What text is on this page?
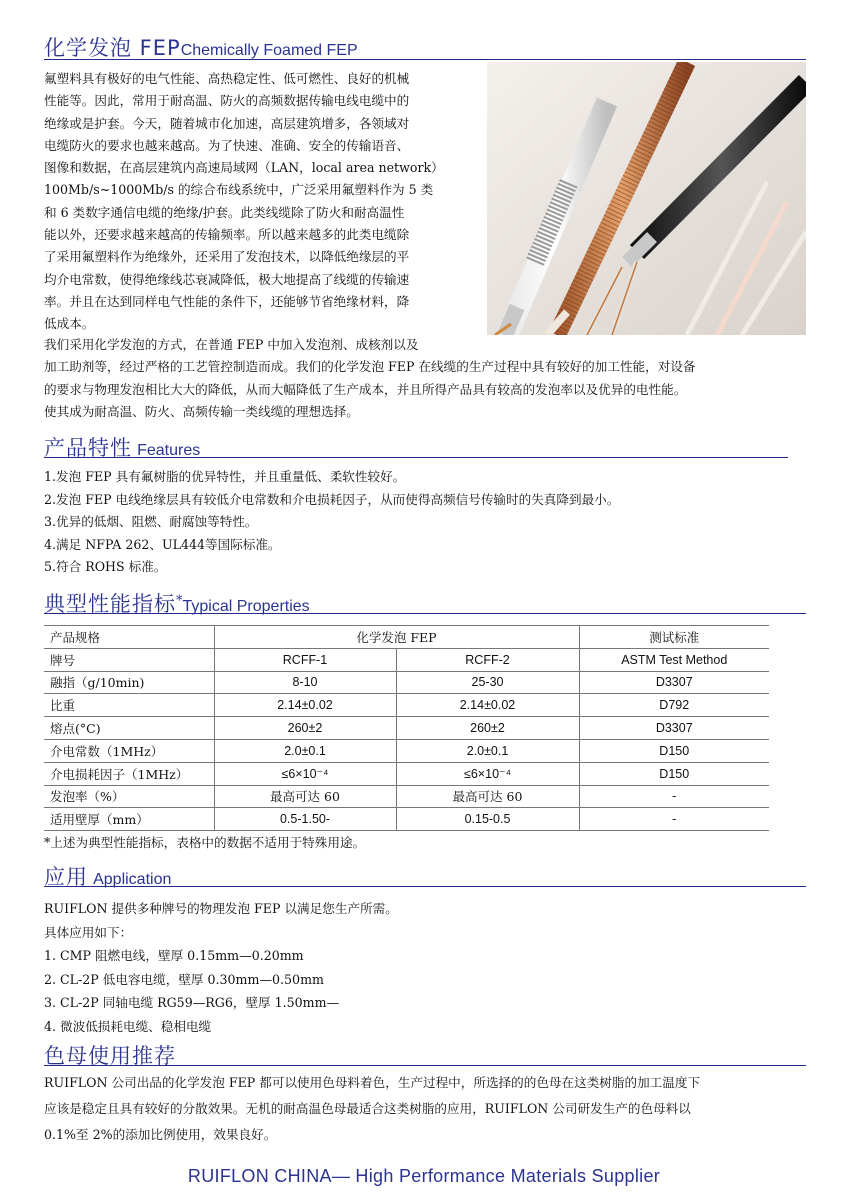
化学发泡 FEPChemically Foamed FEP

氟塑料具有极好的电气性能、高热稳定性、低可燃性、良好的机械

性能等。因此，常用于耐高温、防火的高频数据传输电线电缆中的

绝缘或是护套。今天，随着城市化加速，高层建筑增多，各领域对

电缆防火的要求也越来越高。为了快速、准确、安全的传输语音、

图像和数据，在高层建筑内高速局域网（LAN，local area network）

100Mb/s~1000Mb/s 的综合布线系统中，广泛采用氟塑料作为 5 类

和 6 类数字通信电缆的绝缘/护套。此类线缆除了防火和耐高温性

能以外，还要求越来越高的传输频率。所以越来越多的此类电缆除

了采用氟塑料作为绝缘外，还采用了发泡技术，以降低绝缘层的平

均介电常数，使得绝缘线芯衰减降低，极大地提高了线缆的传输速

率。并且在达到同样电气性能的条件下，还能够节省绝缘材料，降

低成本。

我们采用化学发泡的方式，在普通 FEP 中加入发泡剂、成核剂以及

加工助剂等，经过严格的工艺管控制造而成。我们的化学发泡 FEP 在线缆的生产过程中具有较好的加工性能，对设备

的要求与物理发泡相比大大的降低，从而大幅降低了生产成本，并且所得产品具有较高的发泡率以及优异的电性能。

使其成为耐高温、防火、高频传输一类线缆的理想选择。

产品特性 Features

1.发泡 FEP 具有氟树脂的优异特性，并且重量低、柔软性较好。

2.发泡 FEP 电线绝缘层具有较低介电常数和介电损耗因子，从而使得高频信号传输时的失真降到最小。

3.优异的低烟、阻燃、耐腐蚀等特性。

4.满足 NFPA 262、UL444等国际标准。

5.符合 ROHS 标准。

典型性能指标*Typical Properties
产品规格	化学发泡 FEP		测试标准
牌号	RCFF-1	RCFF-2	ASTM Test Method
融指（g/10min)	8-10	25-30	D3307
比重	2.14±0.02	2.14±0.02	D792
熔点(°C)	260±2	260±2	D3307
介电常数（1MHz）	2.0±0.1	2.0±0.1	D150
介电损耗因子（1MHz）	≤6×10⁻⁴	≤6×10⁻⁴	D150
发泡率（%）	最高可达 60	最高可达 60	-
适用壁厚（mm）	0.5-1.50-	0.15-0.5	-
*上述为典型性能指标，表格中的数据不适用于特殊用途。
应用 Application

RUIFLON 提供多种牌号的物理发泡 FEP 以满足您生产所需。

具体应用如下：

1. CMP 阻燃电线，壁厚 0.15mm—0.20mm

2. CL-2P 低电容电缆，壁厚 0.30mm—0.50mm

3. CL-2P 同轴电缆 RG59—RG6，壁厚 1.50mm—

4. 微波低损耗电缆、稳相电缆

色母使用推荐

RUIFLON 公司出品的化学发泡 FEP 都可以使用色母料着色，生产过程中，所选择的的色母在这类树脂的加工温度下

应该是稳定且具有较好的分散效果。无机的耐高温色母最适合这类树脂的应用，RUIFLON 公司研发生产的色母料以

0.1%至 2%的添加比例使用，效果良好。

RUIFLON CHINA— High Performance Materials Supplier
